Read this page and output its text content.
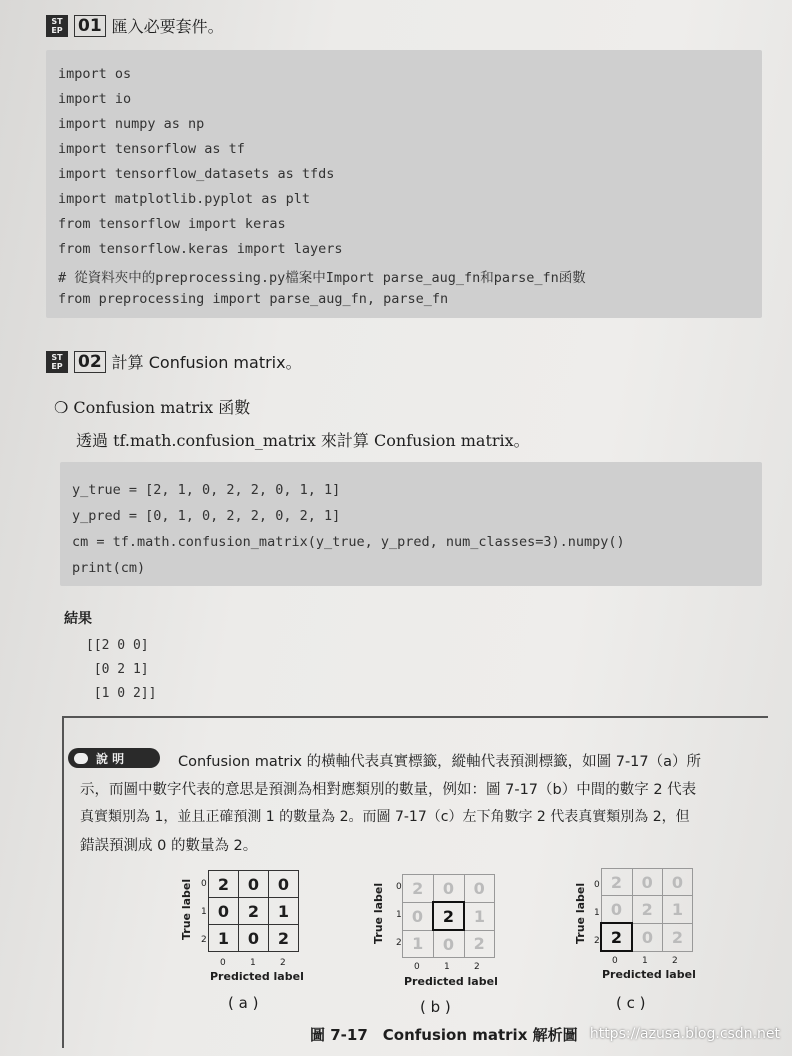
ST
EP 01 匯入必要套件。
import os
import io
import numpy as np
import tensorflow as tf
import tensorflow_datasets as tfds
import matplotlib.pyplot as plt
from tensorflow import keras
from tensorflow.keras import layers
# 從資料夾中的preprocessing.py檔案中Import parse_aug_fn和parse_fn函數
from preprocessing import parse_aug_fn, parse_fn
ST
EP 02 計算 Confusion matrix。
❍ Confusion matrix 函數
透過 tf.math.confusion_matrix 來計算 Confusion matrix。
y_true = [2, 1, 0, 2, 2, 0, 1, 1]
y_pred = [0, 1, 0, 2, 2, 0, 2, 1]
cm = tf.math.confusion_matrix(y_true, y_pred, num_classes=3).numpy()
print(cm)
結果
[[2 0 0]
[0 2 1]
[1 0 2]]
說 明	Confusion matrix 的橫軸代表真實標籤，縱軸代表預測標籤，如圖 7-17（a）所
示，而圖中數字代表的意思是預測為相對應類別的數量，例如：圖 7-17（b）中間的數字 2 代表
真實類別為 1，並且正確預測 1 的數量為 2。而圖 7-17（c）左下角數字 2 代表真實類別為 2，但
錯誤預測成 0 的數量為 2。
True label 0
1
2
2	0	0
0	2	1
1	0	2
0	1	2
Predicted label
( a )
True label 0
1
2
2	0	0
0	2	1
1	0	2
0	1	2
Predicted label
( b )
True label 0
1
2
2	0	0
0	2	1
2	0	2
0	1	2
Predicted label
( c )
圖 7-17　Confusion matrix 解析圖 https://azusa.blog.csdn.net
